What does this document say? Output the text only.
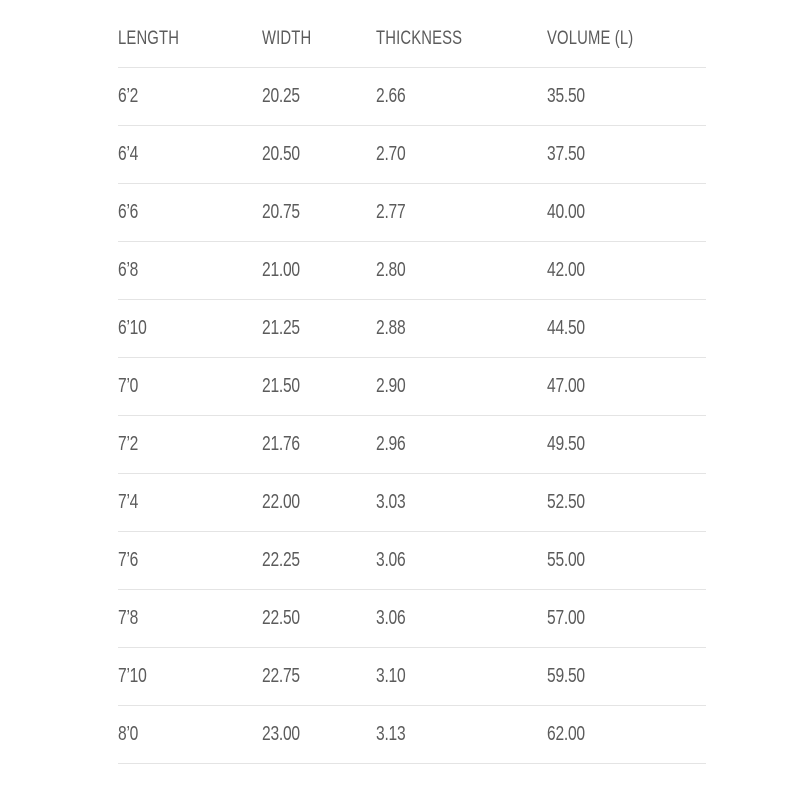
LENGTH	WIDTH	THICKNESS	VOLUME (L)
6’2	20.25	2.66	35.50
6’4	20.50	2.70	37.50
6’6	20.75	2.77	40.00
6’8	21.00	2.80	42.00
6’10	21.25	2.88	44.50
7’0	21.50	2.90	47.00
7’2	21.76	2.96	49.50
7’4	22.00	3.03	52.50
7’6	22.25	3.06	55.00
7’8	22.50	3.06	57.00
7’10	22.75	3.10	59.50
8’0	23.00	3.13	62.00
